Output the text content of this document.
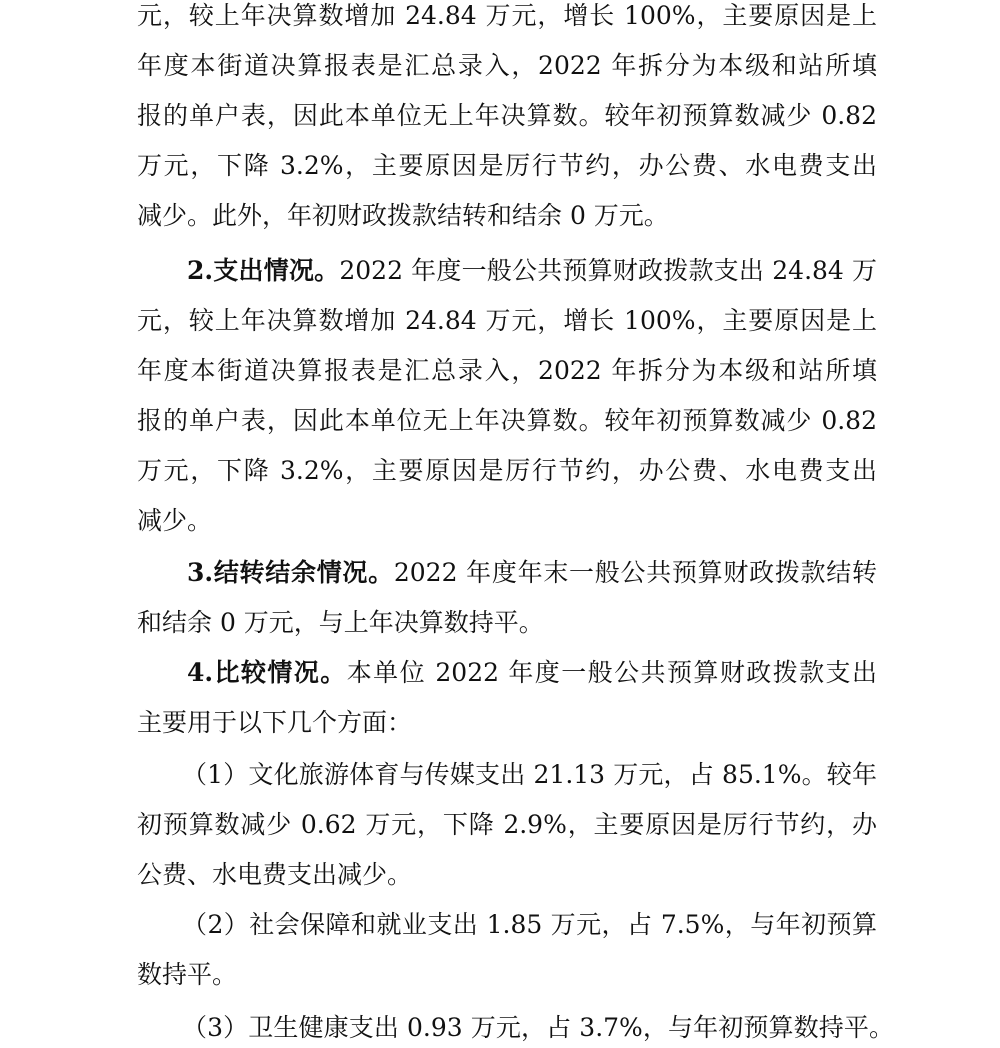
元，较上年决算数增加 24.84 万元，增长 100%，主要原因是上
年度本街道决算报表是汇总录入，2022 年拆分为本级和站所填
报的单户表，因此本单位无上年决算数。较年初预算数减少 0.82
万元，下降 3.2%，主要原因是厉行节约，办公费、水电费支出
减少。此外，年初财政拨款结转和结余 0 万元。
2.支出情况。2022 年度一般公共预算财政拨款支出 24.84 万
元，较上年决算数增加 24.84 万元，增长 100%，主要原因是上
年度本街道决算报表是汇总录入，2022 年拆分为本级和站所填
报的单户表，因此本单位无上年决算数。较年初预算数减少 0.82
万元，下降 3.2%，主要原因是厉行节约，办公费、水电费支出
减少。
3.结转结余情况。2022 年度年末一般公共预算财政拨款结转
和结余 0 万元，与上年决算数持平。
4.比较情况。本单位 2022 年度一般公共预算财政拨款支出
主要用于以下几个方面：
（1）文化旅游体育与传媒支出 21.13 万元，占 85.1%。较年
初预算数减少 0.62 万元，下降 2.9%，主要原因是厉行节约，办
公费、水电费支出减少。
（2）社会保障和就业支出 1.85 万元，占 7.5%，与年初预算
数持平。
（3）卫生健康支出 0.93 万元，占 3.7%，与年初预算数持平。
